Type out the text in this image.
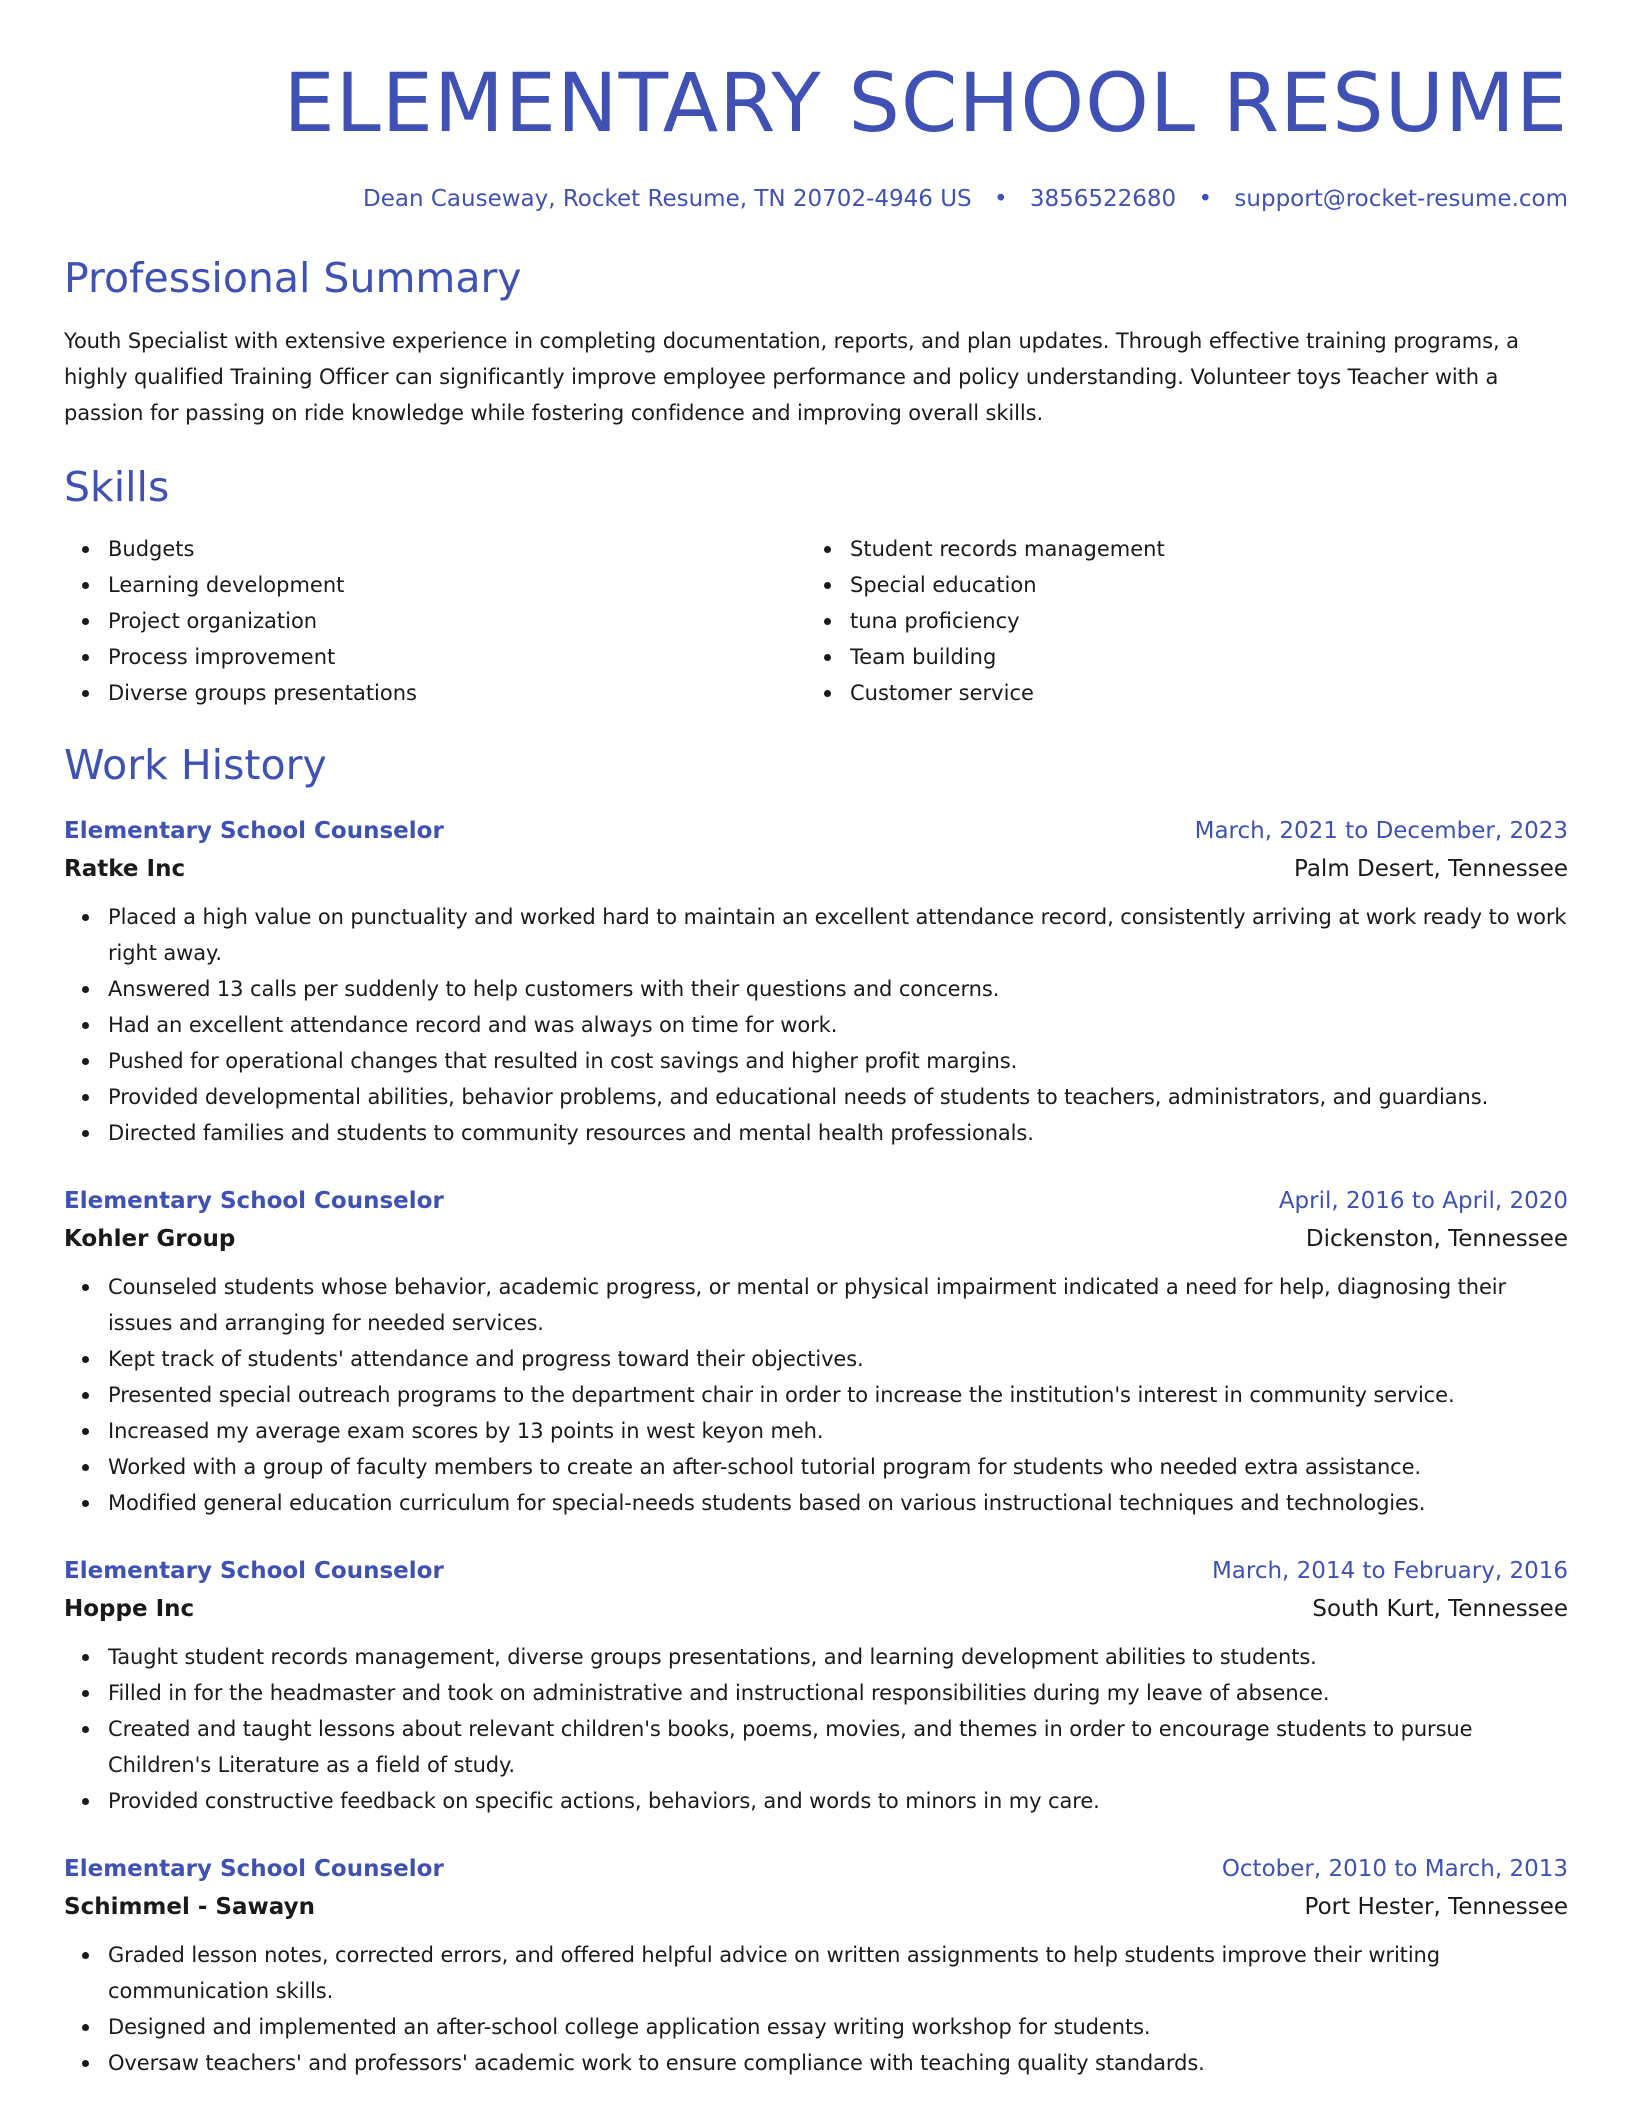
ELEMENTARY SCHOOL RESUME
Dean Causeway, Rocket Resume, TN 20702-4946 US • 3856522680 • support@rocket-resume.com
Professional Summary
Youth Specialist with extensive experience in completing documentation, reports, and plan updates. Through effective training programs, a highly qualified Training Officer can significantly improve employee performance and policy understanding. Volunteer toys Teacher with a passion for passing on ride knowledge while fostering confidence and improving overall skills.
Skills
Budgets
Learning development
Project organization
Process improvement
Diverse groups presentations
Student records management
Special education
tuna proficiency
Team building
Customer service
Work History
Elementary School Counselor	March, 2021 to December, 2023
Ratke Inc	Palm Desert, Tennessee
Placed a high value on punctuality and worked hard to maintain an excellent attendance record, consistently arriving at work ready to work right away.
Answered 13 calls per suddenly to help customers with their questions and concerns.
Had an excellent attendance record and was always on time for work.
Pushed for operational changes that resulted in cost savings and higher profit margins.
Provided developmental abilities, behavior problems, and educational needs of students to teachers, administrators, and guardians.
Directed families and students to community resources and mental health professionals.
Elementary School Counselor	April, 2016 to April, 2020
Kohler Group	Dickenston, Tennessee
Counseled students whose behavior, academic progress, or mental or physical impairment indicated a need for help, diagnosing their issues and arranging for needed services.
Kept track of students' attendance and progress toward their objectives.
Presented special outreach programs to the department chair in order to increase the institution's interest in community service.
Increased my average exam scores by 13 points in west keyon meh.
Worked with a group of faculty members to create an after-school tutorial program for students who needed extra assistance.
Modified general education curriculum for special-needs students based on various instructional techniques and technologies.
Elementary School Counselor	March, 2014 to February, 2016
Hoppe Inc	South Kurt, Tennessee
Taught student records management, diverse groups presentations, and learning development abilities to students.
Filled in for the headmaster and took on administrative and instructional responsibilities during my leave of absence.
Created and taught lessons about relevant children's books, poems, movies, and themes in order to encourage students to pursue Children's Literature as a field of study.
Provided constructive feedback on specific actions, behaviors, and words to minors in my care.
Elementary School Counselor	October, 2010 to March, 2013
Schimmel - Sawayn	Port Hester, Tennessee
Graded lesson notes, corrected errors, and offered helpful advice on written assignments to help students improve their writing communication skills.
Designed and implemented an after-school college application essay writing workshop for students.
Oversaw teachers' and professors' academic work to ensure compliance with teaching quality standards.
